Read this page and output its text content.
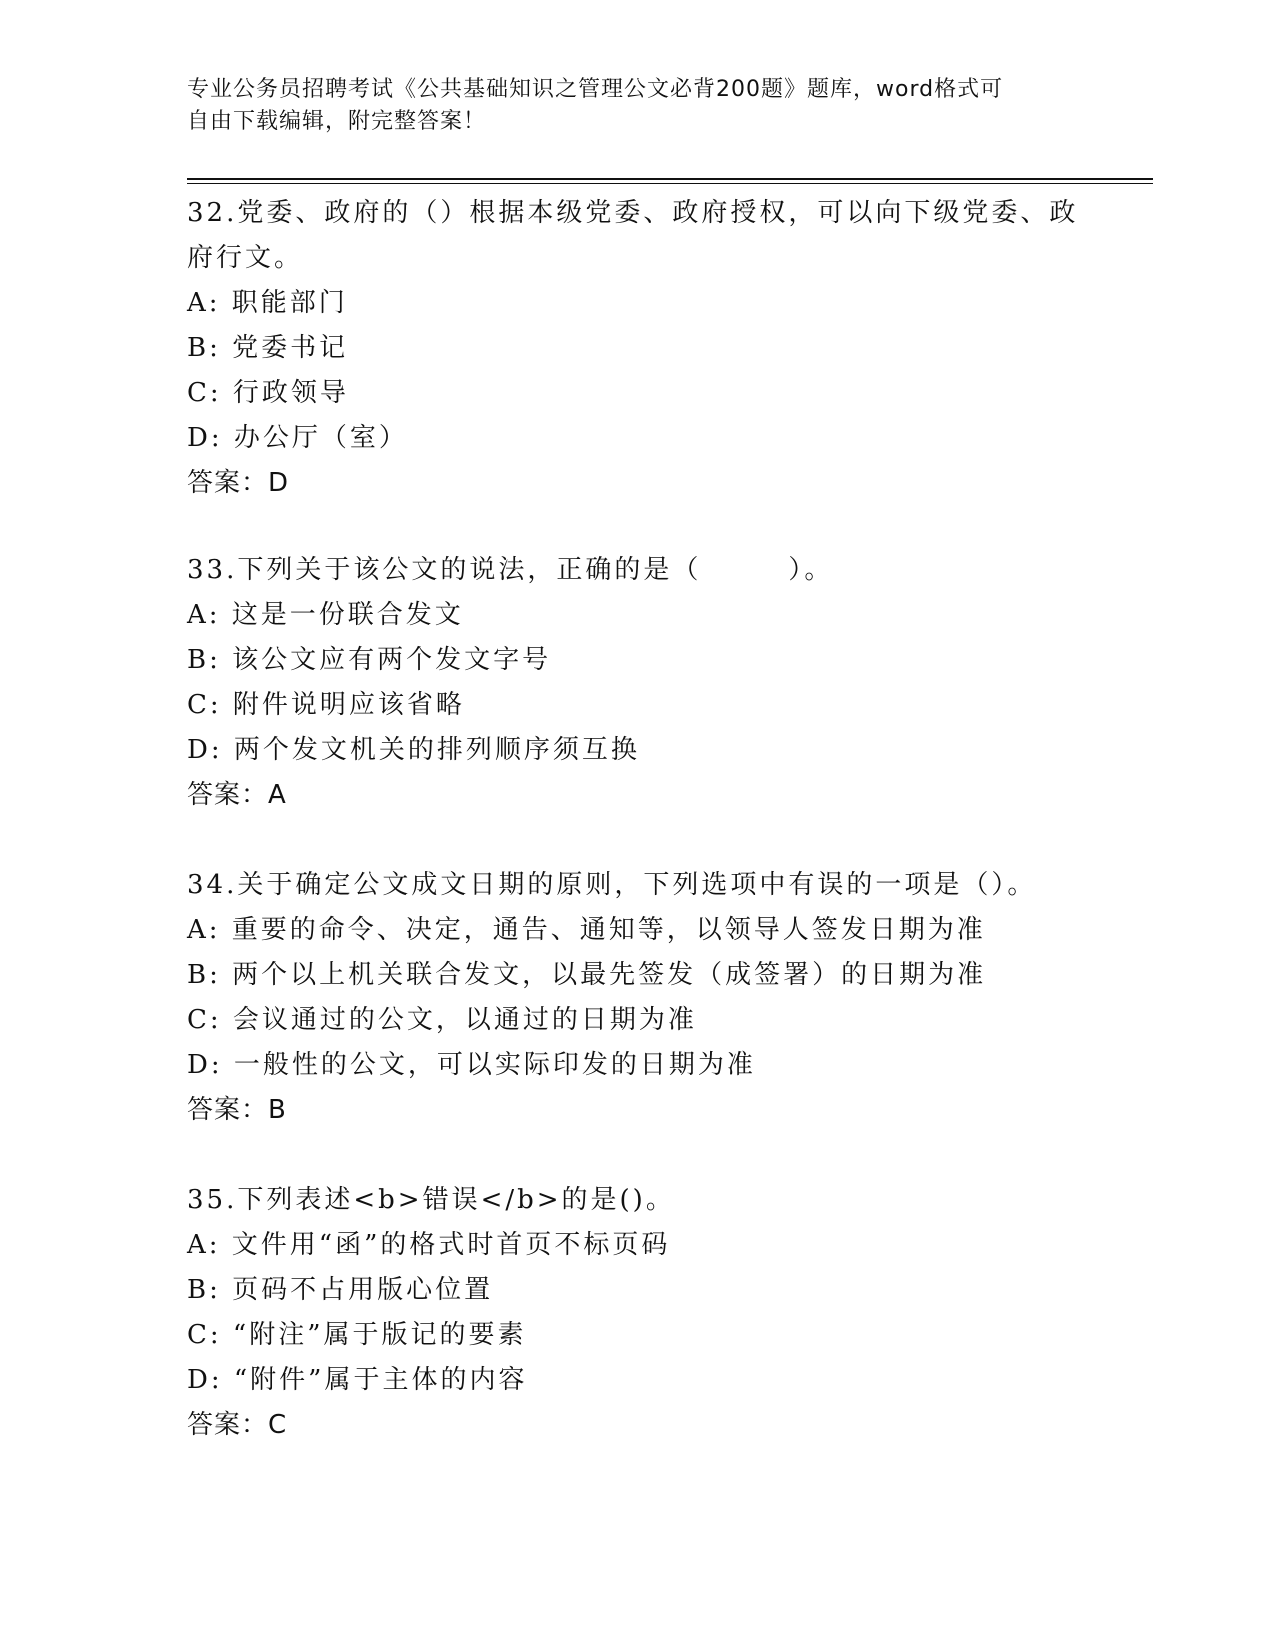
专业公务员招聘考试《公共基础知识之管理公文必背200题》题库，word格式可
自由下载编辑，附完整答案！
32.党委、政府的（）根据本级党委、政府授权，可以向下级党委、政
府行文。
A: 职能部门
B: 党委书记
C: 行政领导
D: 办公厅（室）
答案：D
33.下列关于该公文的说法，正确的是（　　　）。
A: 这是一份联合发文
B: 该公文应有两个发文字号
C: 附件说明应该省略
D: 两个发文机关的排列顺序须互换
答案：A
34.关于确定公文成文日期的原则，下列选项中有误的一项是（）。
A: 重要的命令、决定，通告、通知等，以领导人签发日期为准
B: 两个以上机关联合发文，以最先签发（成签署）的日期为准
C: 会议通过的公文，以通过的日期为准
D: 一般性的公文，可以实际印发的日期为准
答案：B
35.下列表述<b>错误</b>的是()。
A: 文件用“函”的格式时首页不标页码
B: 页码不占用版心位置
C: “附注”属于版记的要素
D: “附件”属于主体的内容
答案：C
